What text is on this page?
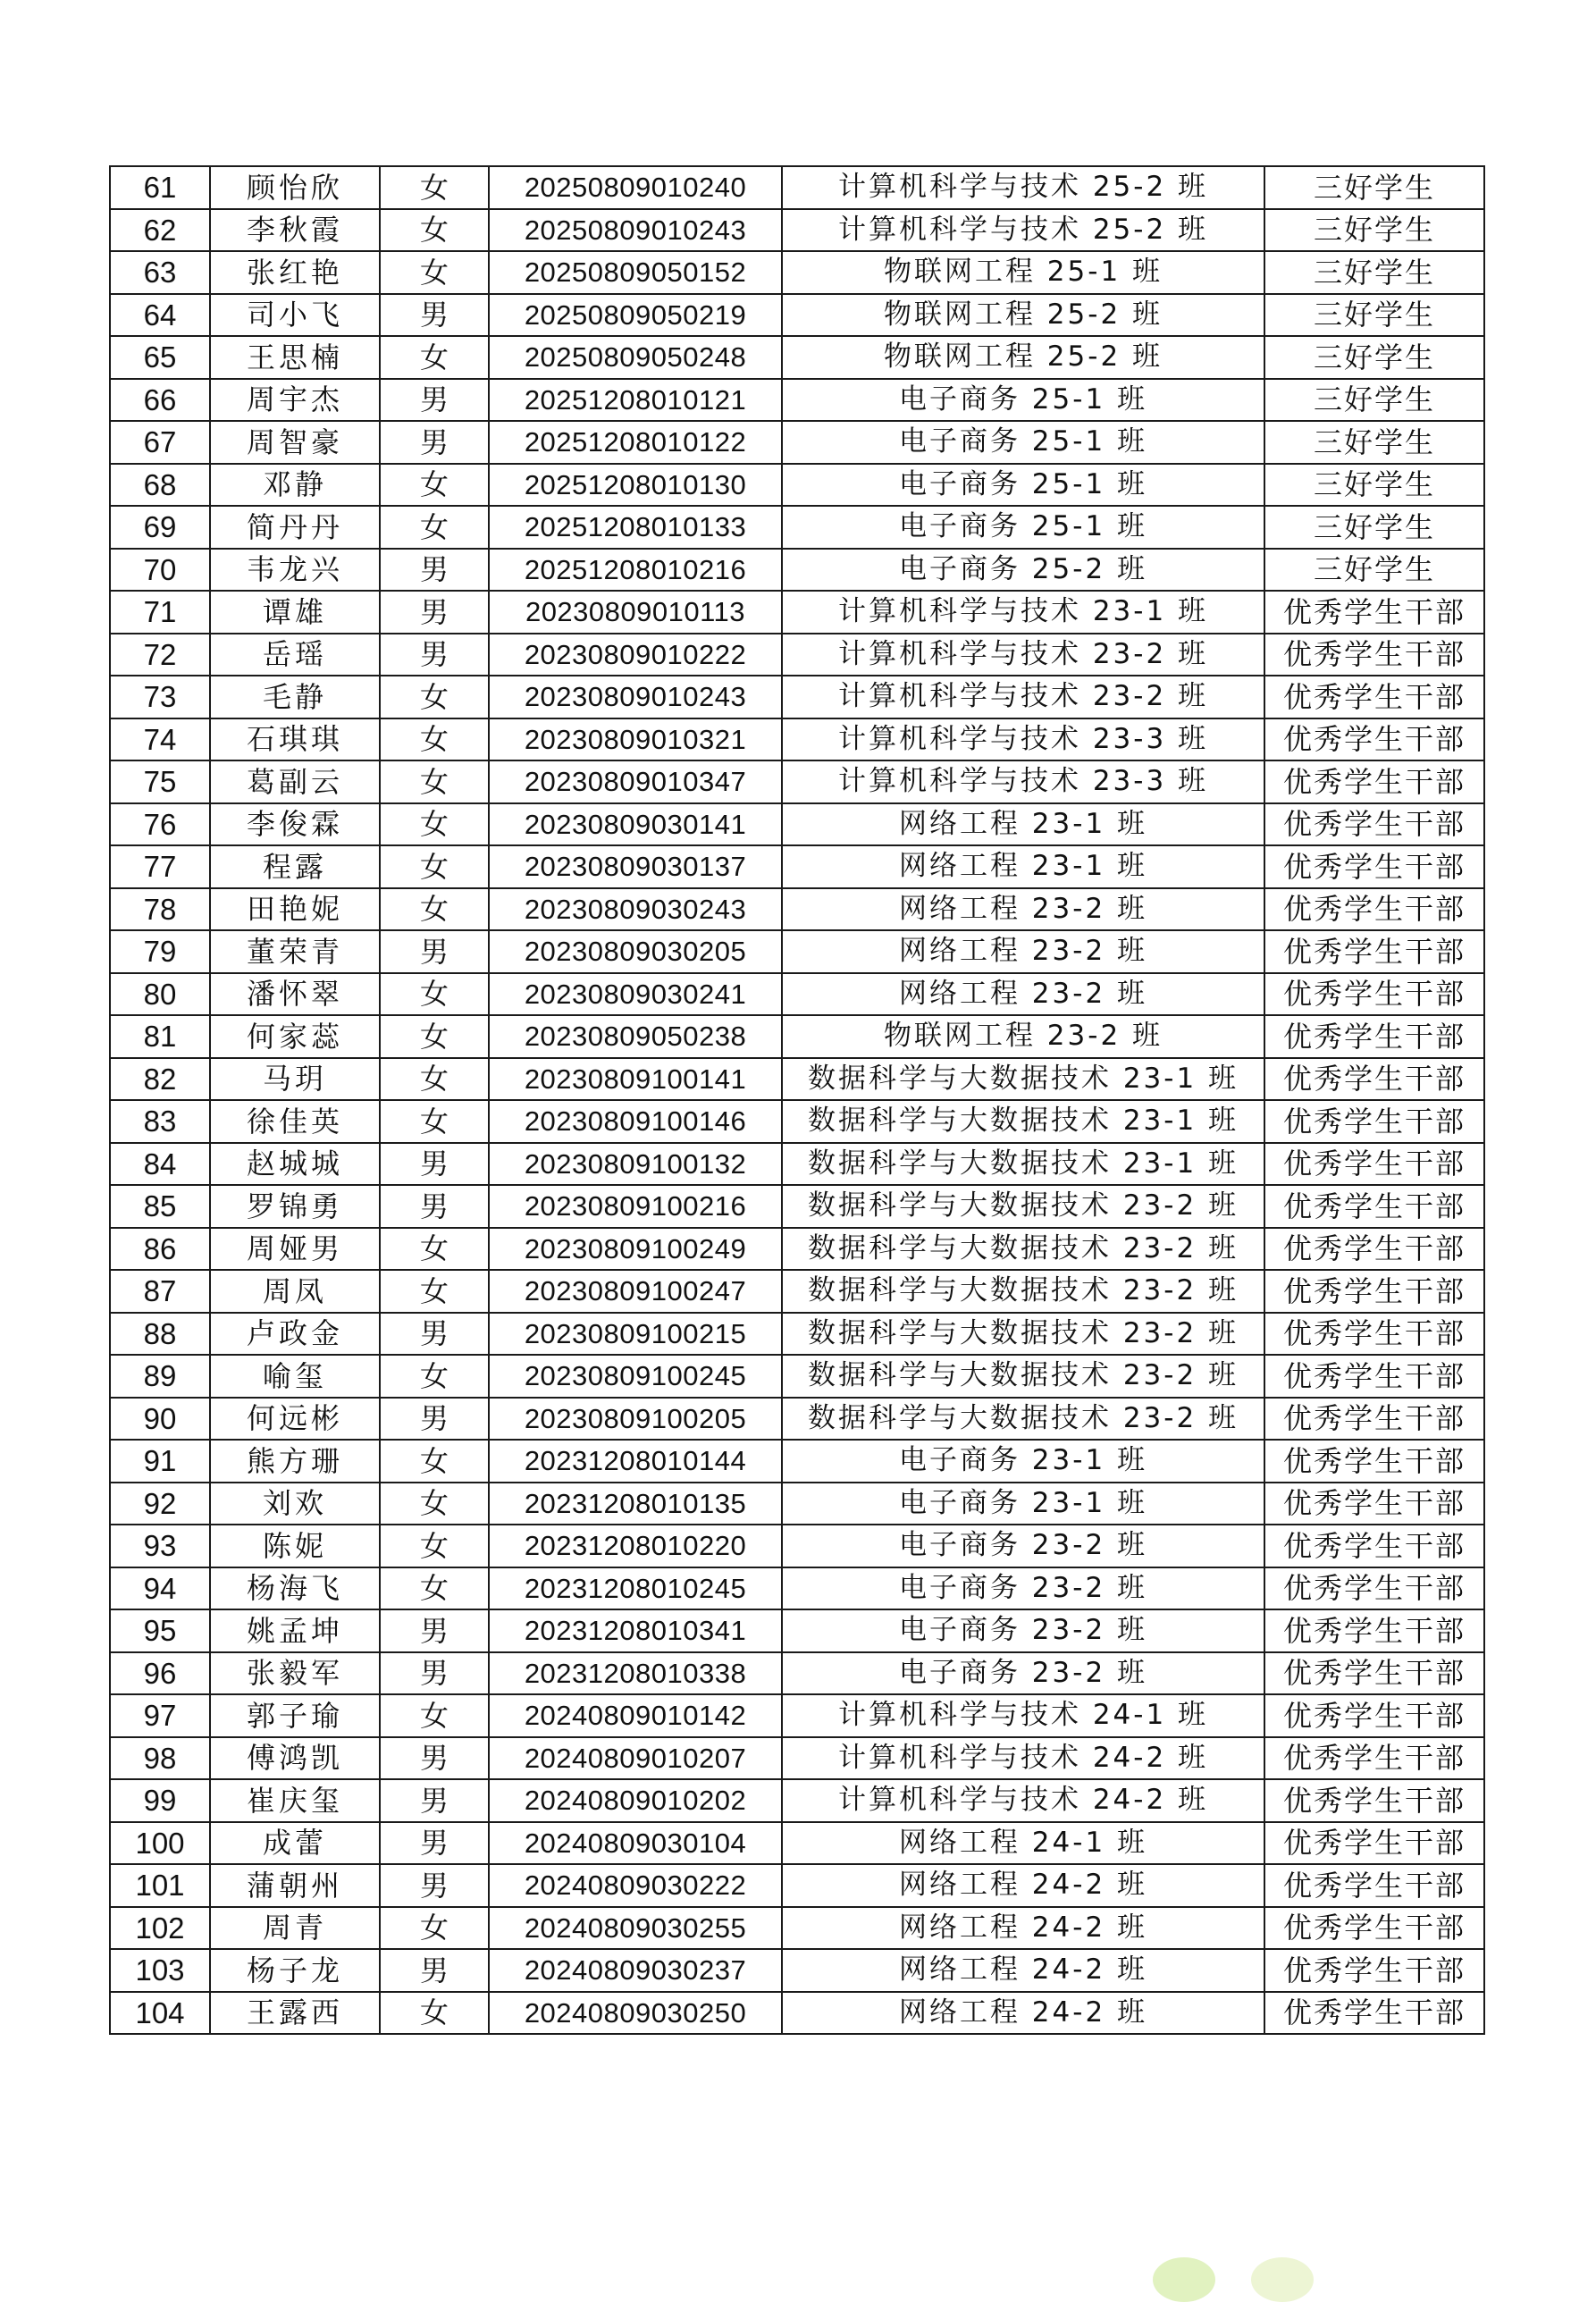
61	顾怡欣	女	20250809010240	计算机科学与技术 25-2 班	三好学生
62	李秋霞	女	20250809010243	计算机科学与技术 25-2 班	三好学生
63	张红艳	女	20250809050152	物联网工程 25-1 班	三好学生
64	司小飞	男	20250809050219	物联网工程 25-2 班	三好学生
65	王思楠	女	20250809050248	物联网工程 25-2 班	三好学生
66	周宇杰	男	20251208010121	电子商务 25-1 班	三好学生
67	周智豪	男	20251208010122	电子商务 25-1 班	三好学生
68	邓静	女	20251208010130	电子商务 25-1 班	三好学生
69	简丹丹	女	20251208010133	电子商务 25-1 班	三好学生
70	韦龙兴	男	20251208010216	电子商务 25-2 班	三好学生
71	谭雄	男	20230809010113	计算机科学与技术 23-1 班	优秀学生干部
72	岳瑶	男	20230809010222	计算机科学与技术 23-2 班	优秀学生干部
73	毛静	女	20230809010243	计算机科学与技术 23-2 班	优秀学生干部
74	石琪琪	女	20230809010321	计算机科学与技术 23-3 班	优秀学生干部
75	葛副云	女	20230809010347	计算机科学与技术 23-3 班	优秀学生干部
76	李俊霖	女	20230809030141	网络工程 23-1 班	优秀学生干部
77	程露	女	20230809030137	网络工程 23-1 班	优秀学生干部
78	田艳妮	女	20230809030243	网络工程 23-2 班	优秀学生干部
79	董荣青	男	20230809030205	网络工程 23-2 班	优秀学生干部
80	潘怀翠	女	20230809030241	网络工程 23-2 班	优秀学生干部
81	何家蕊	女	20230809050238	物联网工程 23-2 班	优秀学生干部
82	马玥	女	20230809100141	数据科学与大数据技术 23-1 班	优秀学生干部
83	徐佳英	女	20230809100146	数据科学与大数据技术 23-1 班	优秀学生干部
84	赵城城	男	20230809100132	数据科学与大数据技术 23-1 班	优秀学生干部
85	罗锦勇	男	20230809100216	数据科学与大数据技术 23-2 班	优秀学生干部
86	周娅男	女	20230809100249	数据科学与大数据技术 23-2 班	优秀学生干部
87	周凤	女	20230809100247	数据科学与大数据技术 23-2 班	优秀学生干部
88	卢政金	男	20230809100215	数据科学与大数据技术 23-2 班	优秀学生干部
89	喻玺	女	20230809100245	数据科学与大数据技术 23-2 班	优秀学生干部
90	何远彬	男	20230809100205	数据科学与大数据技术 23-2 班	优秀学生干部
91	熊方珊	女	20231208010144	电子商务 23-1 班	优秀学生干部
92	刘欢	女	20231208010135	电子商务 23-1 班	优秀学生干部
93	陈妮	女	20231208010220	电子商务 23-2 班	优秀学生干部
94	杨海飞	女	20231208010245	电子商务 23-2 班	优秀学生干部
95	姚孟坤	男	20231208010341	电子商务 23-2 班	优秀学生干部
96	张毅军	男	20231208010338	电子商务 23-2 班	优秀学生干部
97	郭子瑜	女	20240809010142	计算机科学与技术 24-1 班	优秀学生干部
98	傅鸿凯	男	20240809010207	计算机科学与技术 24-2 班	优秀学生干部
99	崔庆玺	男	20240809010202	计算机科学与技术 24-2 班	优秀学生干部
100	成蕾	男	20240809030104	网络工程 24-1 班	优秀学生干部
101	蒲朝州	男	20240809030222	网络工程 24-2 班	优秀学生干部
102	周青	女	20240809030255	网络工程 24-2 班	优秀学生干部
103	杨子龙	男	20240809030237	网络工程 24-2 班	优秀学生干部
104	王露西	女	20240809030250	网络工程 24-2 班	优秀学生干部
